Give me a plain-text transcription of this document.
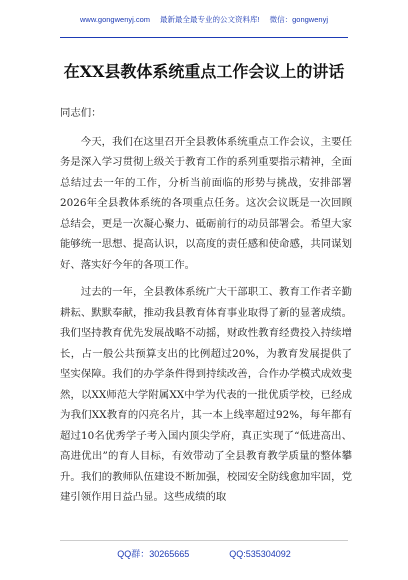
www.gongwenyj.com 最新最全最专业的公文资料库! 微信：gongwenyj
在XX县教体系统重点工作会议上的讲话

同志们：

今天，我们在这里召开全县教体系统重点工作会议，主要任务是深入学习贯彻上级关于教育工作的系列重要指示精神，全面总结过去一年的工作，分析当前面临的形势与挑战，安排部署2026年全县教体系统的各项重点任务。这次会议既是一次回顾总结会，更是一次凝心聚力、砥砺前行的动员部署会。希望大家能够统一思想、提高认识，以高度的责任感和使命感，共同谋划好、落实好今年的各项工作。

过去的一年，全县教体系统广大干部职工、教育工作者辛勤耕耘、默默奉献，推动我县教育体育事业取得了新的显著成绩。我们坚持教育优先发展战略不动摇，财政性教育经费投入持续增长，占一般公共预算支出的比例超过20%，为教育发展提供了坚实保障。我们的办学条件得到持续改善，合作办学模式成效斐然，以XX师范大学附属XX中学为代表的一批优质学校，已经成为我们XX教育的闪亮名片，其一本上线率超过92%，每年都有超过10名优秀学子考入国内顶尖学府，真正实现了“低进高出、高进优出”的育人目标，有效带动了全县教育教学质量的整体攀升。我们的教师队伍建设不断加强，校园安全防线愈加牢固，党建引领作用日益凸显。这些成绩的取

QQ群：30265665	QQ:535304092
